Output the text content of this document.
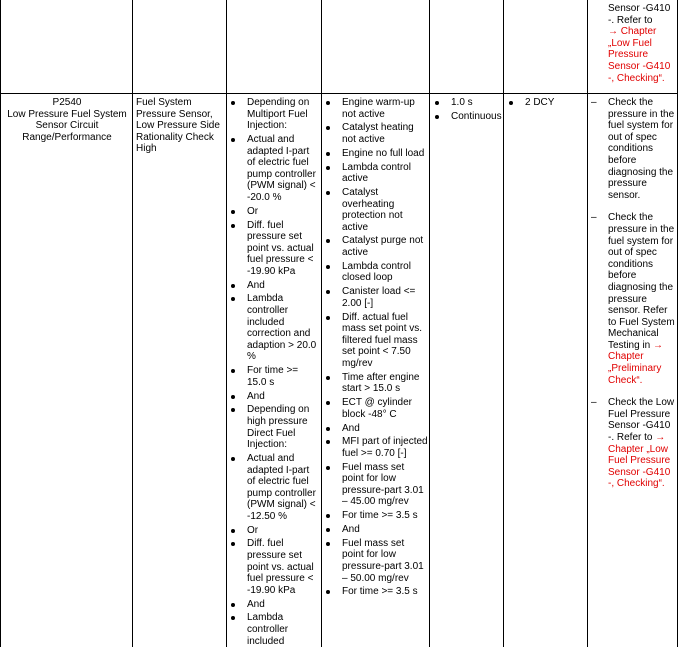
Sensor -G410
-. Refer to
→ Chapter
„Low Fuel
Pressure
Sensor -G410
-, Checking“.
P2540
Low Pressure Fuel System Sensor Circuit Range/Performance
Fuel System Pressure Sensor, Low Pressure Side Rationality Check High
Depending on Multiport Fuel Injection:
Actual and adapted I-part of electric fuel pump controller (PWM signal) < -20.0 %
Or
Diff. fuel pressure set point vs. actual fuel pressure < -19.90 kPa
And
Lambda controller included correction and adaption > 20.0 %
For time >= 15.0 s
And
Depending on high pressure Direct Fuel Injection:
Actual and adapted I-part of electric fuel pump controller (PWM signal) < -12.50 %
Or
Diff. fuel pressure set point vs. actual fuel pressure < -19.90 kPa
And
Lambda controller included
Engine warm-up not active
Catalyst heating not active
Engine no full load
Lambda control active
Catalyst overheating protection not active
Catalyst purge not active
Lambda control closed loop
Canister load <= 2.00 [-]
Diff. actual fuel mass set point vs. filtered fuel mass set point < 7.50 mg/rev
Time after engine start > 15.0 s
ECT @ cylinder block -48° C
And
MFI part of injected fuel >= 0.70 [-]
Fuel mass set point for low pressure-part 3.01 – 45.00 mg/rev
For time >= 3.5 s
And
Fuel mass set point for low pressure-part 3.01 – 50.00 mg/rev
For time >= 3.5 s
1.0 s
Continuous
2 DCY
–	Check the pressure in the fuel system for out of spec conditions before diagnosing the pressure sensor.
– Check the pressure in the fuel system for out of spec conditions before diagnosing the pressure sensor. Refer to Fuel System Mechanical Testing in → Chapter „Preliminary Check“.
– Check the Low Fuel Pressure Sensor -G410 -. Refer to → Chapter „Low Fuel Pressure Sensor -G410 -, Checking“.
